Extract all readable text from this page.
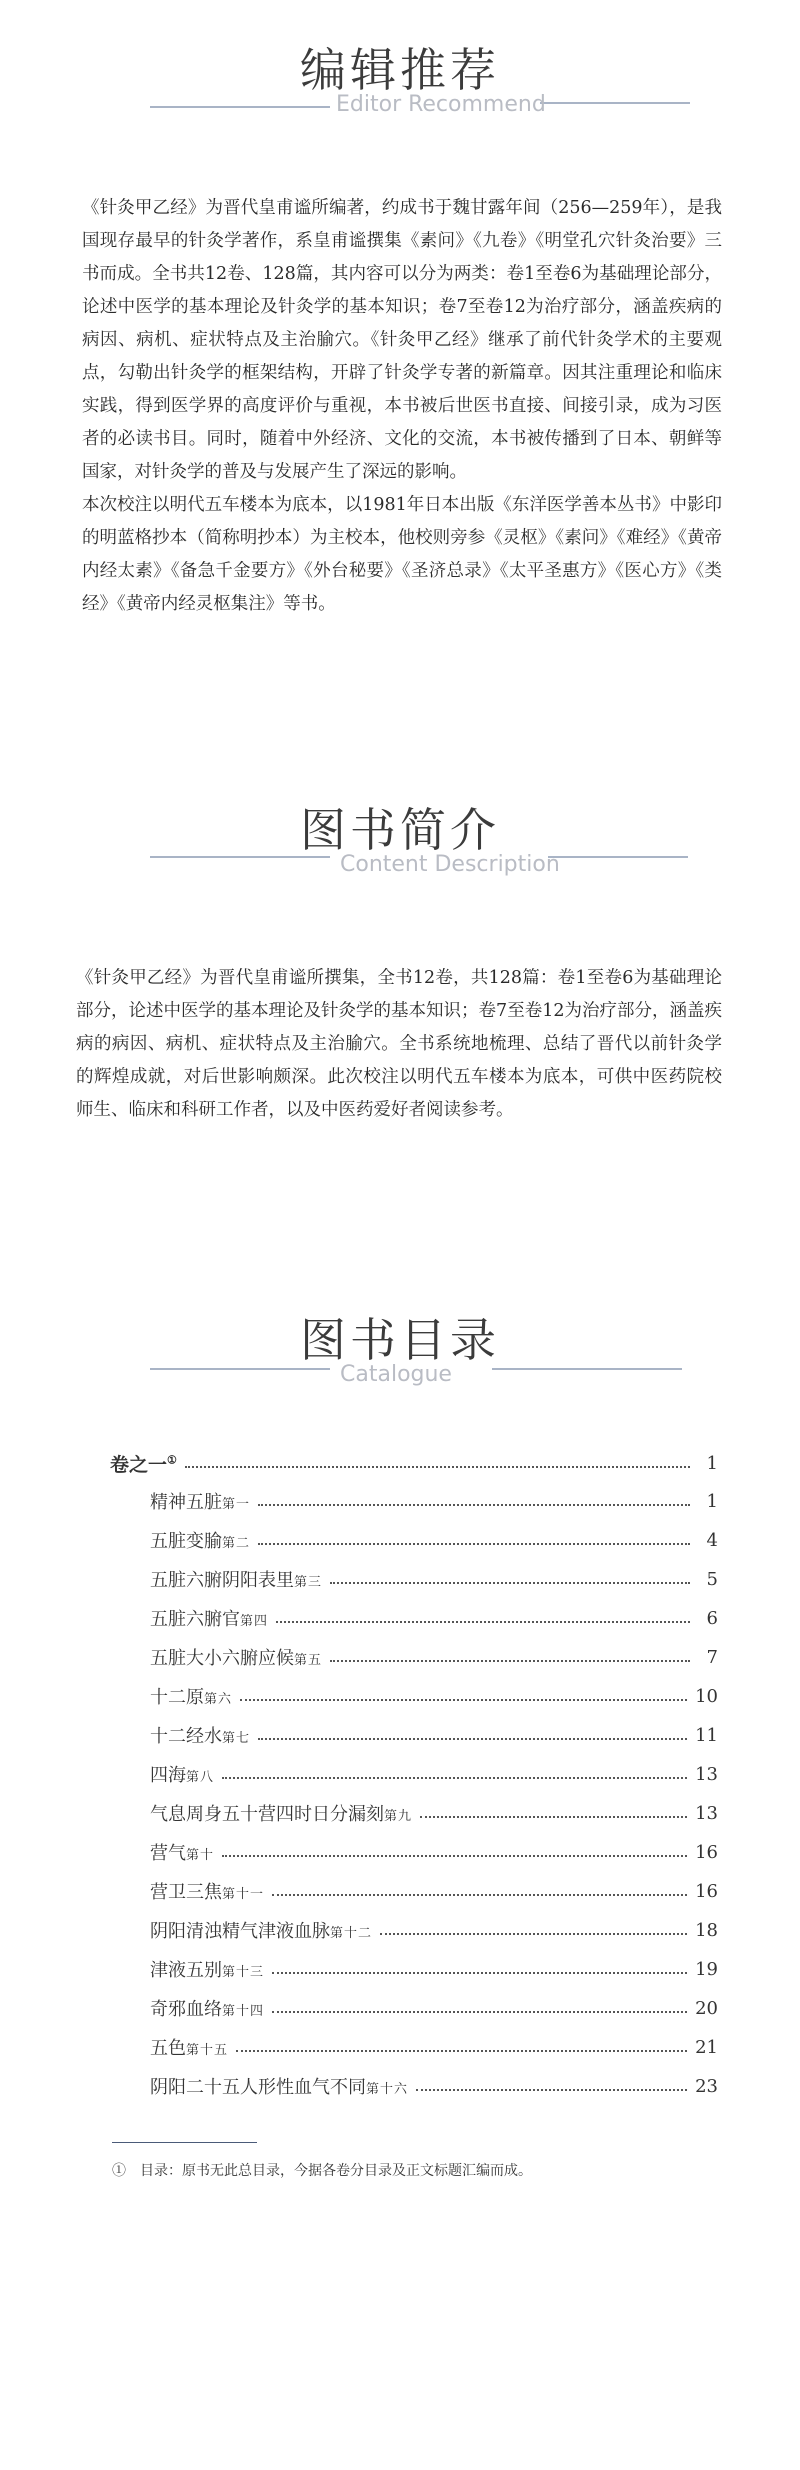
编辑推荐
Editor Recommend

《针灸甲乙经》为晋代皇甫谧所编著，约成书于魏甘露年间（256—259年），是我国现存最早的针灸学著作，系皇甫谧撰集《素问》《九卷》《明堂孔穴针灸治要》三书而成。全书共12卷、128篇，其内容可以分为两类：卷1至卷6为基础理论部分，论述中医学的基本理论及针灸学的基本知识；卷7至卷12为治疗部分，涵盖疾病的病因、病机、症状特点及主治腧穴。《针灸甲乙经》继承了前代针灸学术的主要观点，勾勒出针灸学的框架结构，开辟了针灸学专著的新篇章。因其注重理论和临床实践，得到医学界的高度评价与重视，本书被后世医书直接、间接引录，成为习医者的必读书目。同时，随着中外经济、文化的交流，本书被传播到了日本、朝鲜等国家，对针灸学的普及与发展产生了深远的影响。

本次校注以明代五车楼本为底本，以1981年日本出版《东洋医学善本丛书》中影印的明蓝格抄本（简称明抄本）为主校本，他校则旁参《灵枢》《素问》《难经》《黄帝内经太素》《备急千金要方》《外台秘要》《圣济总录》《太平圣惠方》《医心方》《类经》《黄帝内经灵枢集注》等书。

图书简介
Content Description

《针灸甲乙经》为晋代皇甫谧所撰集，全书12卷，共128篇：卷1至卷6为基础理论部分，论述中医学的基本理论及针灸学的基本知识；卷7至卷12为治疗部分，涵盖疾病的病因、病机、症状特点及主治腧穴。全书系统地梳理、总结了晋代以前针灸学的辉煌成就，对后世影响颇深。此次校注以明代五车楼本为底本，可供中医药院校师生、临床和科研工作者，以及中医药爱好者阅读参考。

图书目录
Catalogue
卷之一①	1
精神五脏第一	1
五脏变腧第二	4
五脏六腑阴阳表里第三	5
五脏六腑官第四	6
五脏大小六腑应候第五	7
十二原第六	10
十二经水第七	11
四海第八	13
气息周身五十营四时日分漏刻第九	13
营气第十	16
营卫三焦第十一	16
阴阳清浊精气津液血脉第十二	18
津液五别第十三	19
奇邪血络第十四	20
五色第十五	21
阴阳二十五人形性血气不同第十六	23
①　目录：原书无此总目录，今据各卷分目录及正文标题汇编而成。
